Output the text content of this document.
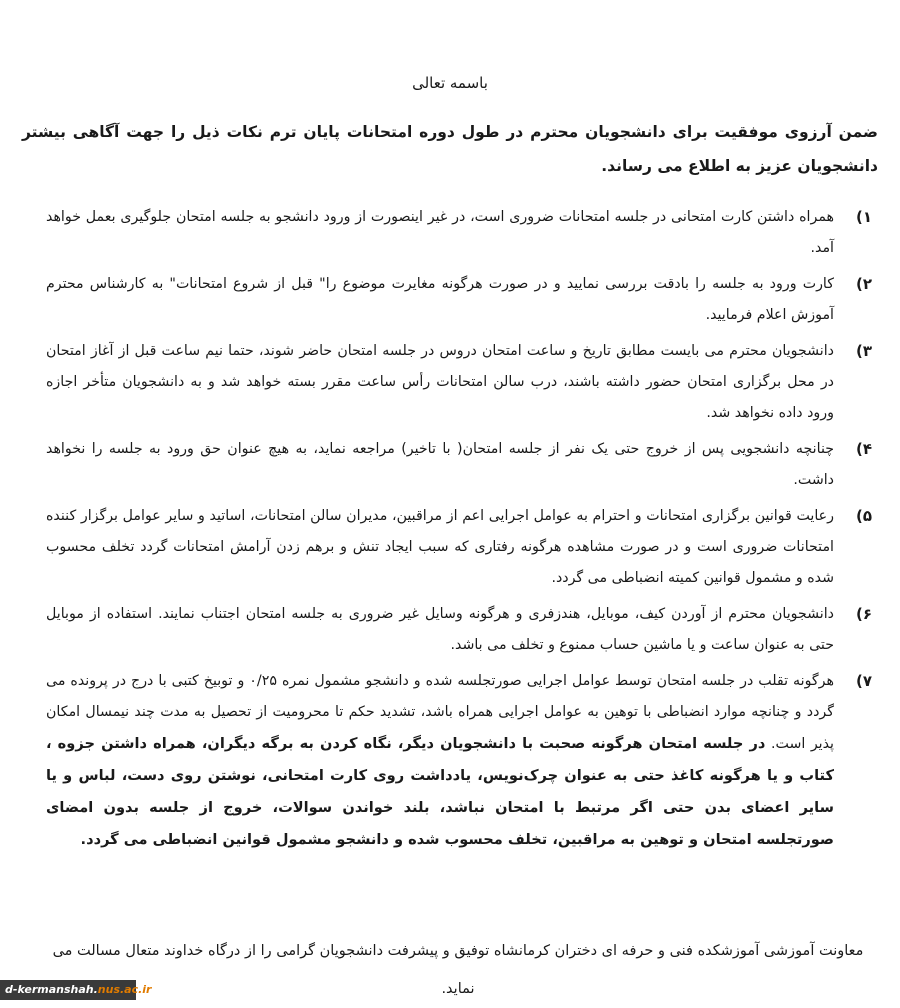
باسمه تعالی
ضمن آرزوی موفقیت برای دانشجویان محترم در طول دوره امتحانات پایان ترم نکات ذیل را جهت آگاهی بیشتر دانشجویان عزیز به اطلاع می رساند.
۱)
همراه داشتن کارت امتحانی در جلسه امتحانات ضروری است، در غیر اینصورت از ورود دانشجو به جلسه امتحان جلوگیری بعمل خواهد آمد.
۲)
کارت ورود به جلسه را بادقت بررسی نمایید و در صورت هرگونه مغایرت موضوع را" قبل از شروع امتحانات" به کارشناس محترم آموزش اعلام فرمایید.
۳)
دانشجویان محترم می بایست مطابق تاریخ و ساعت امتحان دروس در جلسه امتحان حاضر شوند، حتما نیم ساعت قبل از آغاز امتحان در محل برگزاری امتحان حضور داشته باشند، درب سالن امتحانات رأس ساعت مقرر بسته خواهد شد و به دانشجویان متأخر اجازه ورود داده نخواهد شد.
۴)
چنانچه دانشجویی پس از خروج حتی یک نفر از جلسه امتحان( با تاخیر) مراجعه نماید، به هیچ عنوان حق ورود به جلسه را نخواهد داشت.
۵)
رعایت قوانین برگزاری امتحانات و احترام به عوامل اجرایی اعم از مراقبین، مدیران سالن امتحانات، اساتید و سایر عوامل برگزار کننده امتحانات ضروری است و در صورت مشاهده هرگونه رفتاری که سبب ایجاد تنش و برهم زدن آرامش امتحانات گردد تخلف محسوب شده و مشمول قوانین کمیته انضباطی می گردد.
۶)
دانشجویان محترم از آوردن کیف، موبایل، هندزفری و هرگونه وسایل غیر ضروری به جلسه امتحان اجتناب نمایند. استفاده از موبایل حتی به عنوان ساعت و یا ماشین حساب ممنوع و تخلف می باشد.
۷)
هرگونه تقلب در جلسه امتحان توسط عوامل اجرایی صورتجلسه شده و دانشجو مشمول نمره ۰/۲۵ و توبیخ کتبی با درج در پرونده می گردد و چنانچه موارد انضباطی با توهین به عوامل اجرایی همراه باشد، تشدید حکم تا محرومیت از تحصیل به مدت چند نیمسال امکان پذیر است. در جلسه امتحان هرگونه صحبت با دانشجویان دیگر، نگاه کردن به برگه دیگران، همراه داشتن جزوه ، کتاب و یا هرگونه کاغذ حتی به عنوان چرک‌نویس، یادداشت روی کارت امتحانی، نوشتن روی دست، لباس و یا سایر اعضای بدن حتی اگر مرتبط با امتحان نباشد، بلند خواندن سوالات، خروج از جلسه بدون امضای صورتجلسه امتحان و توهین به مراقبین، تخلف محسوب شده و دانشجو مشمول قوانین انضباطی می گردد.
معاونت آموزشی آموزشکده فنی و حرفه ای دختران کرمانشاه توفیق و پیشرفت دانشجویان گرامی را از درگاه خداوند متعال مسالت می نماید.
d-kermanshah.nus.ac.ir
